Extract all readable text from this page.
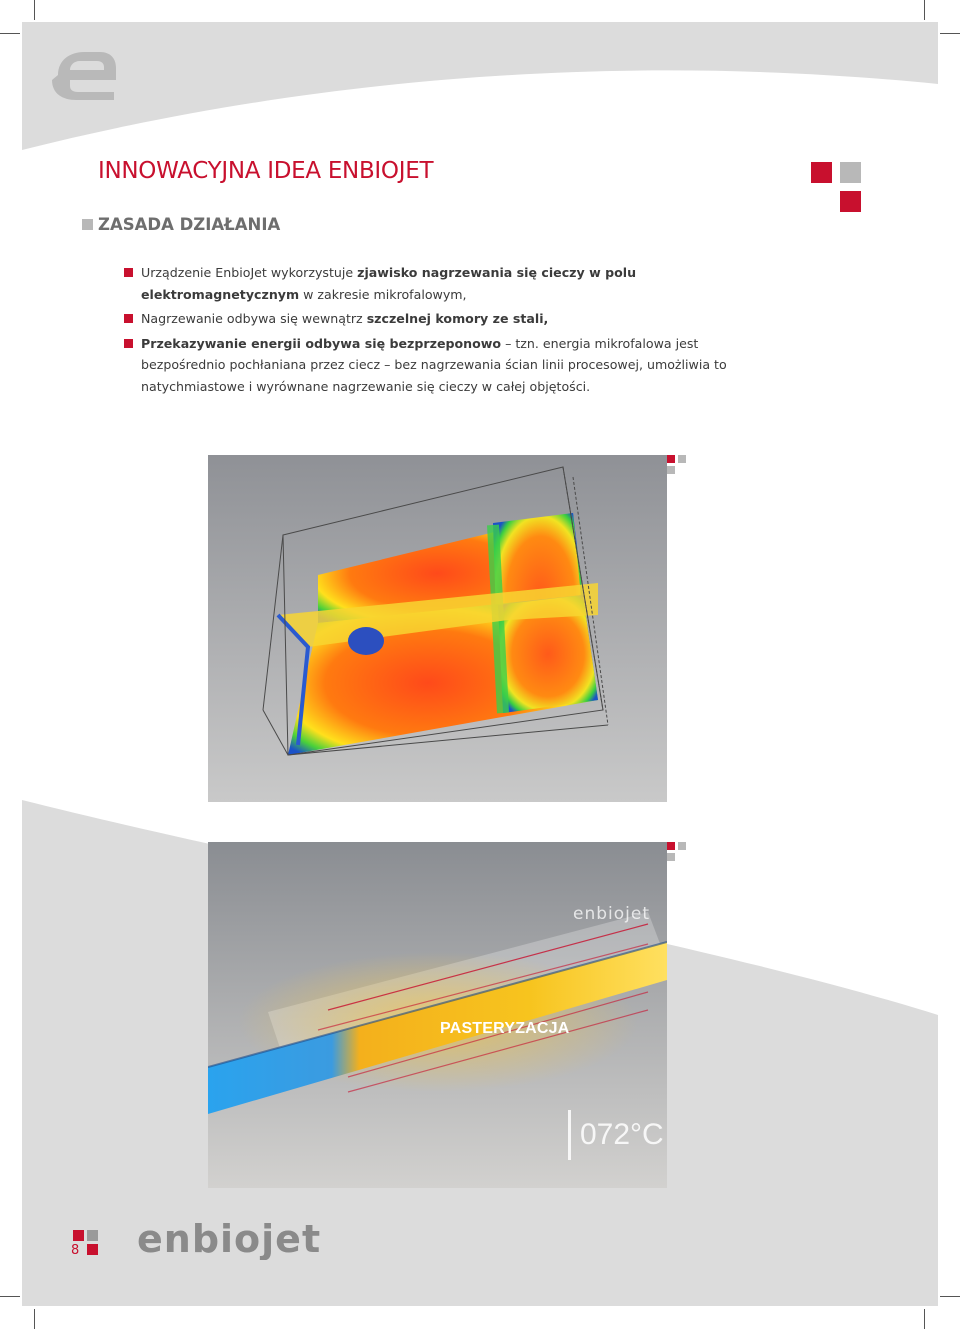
INNOWACYJNA IDEA ENBIOJET
ZASADA DZIAŁANIA
Urządzenie EnbioJet wykorzystuje zjawisko nagrzewania się cieczy w polu elektromagnetycznym w zakresie mikrofalowym,
Nagrzewanie odbywa się wewnątrz szczelnej komory ze stali,
Przekazywanie energii odbywa się bezprzeponowo – tzn. energia mikrofalowa jest bezpośrednio pochłaniana przez ciecz – bez nagrzewania ścian linii procesowej, umożliwia to natychmiastowe i wyrównane nagrzewanie się cieczy w całej objętości.
enbiojet
PASTERYZACJA
072°C
8 enbiojet
